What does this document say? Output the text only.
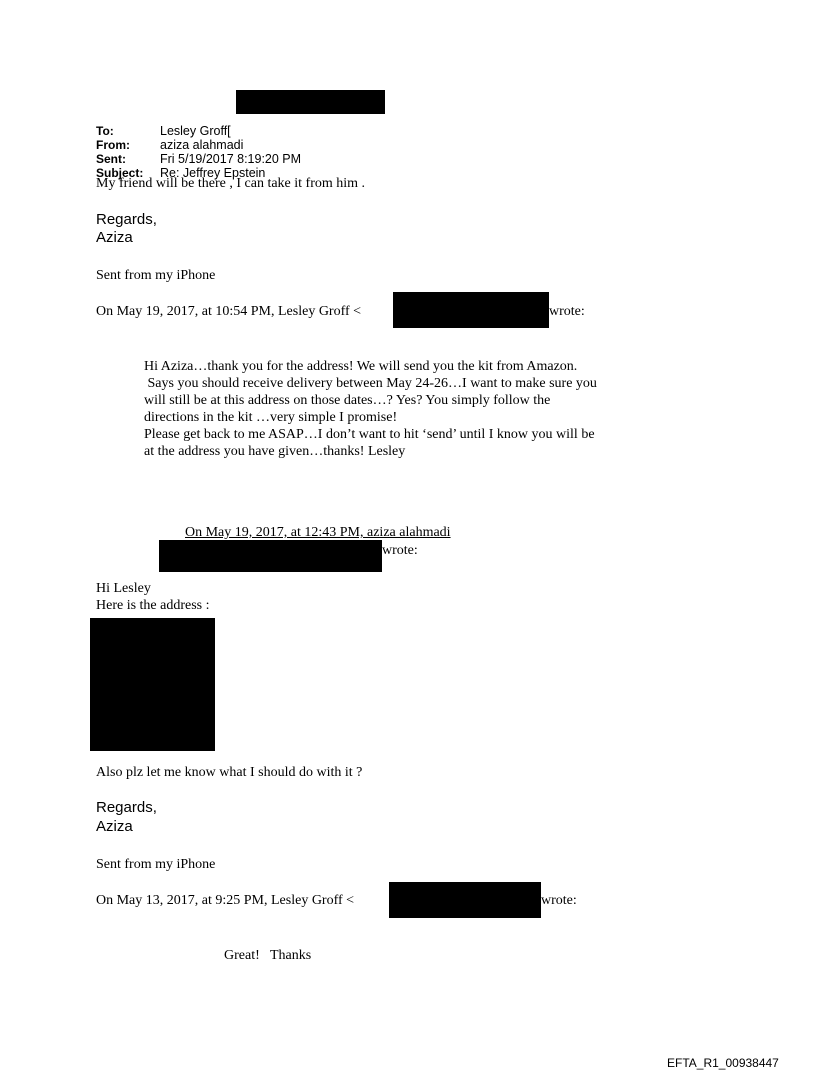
To:	Lesley Groff[
From: aziza alahmadi
Sent:	Fri 5/19/2017 8:19:20 PM
Subject: Re: Jeffrey Epstein
My friend will be there , I can take it from him .
Regards,
Aziza
Sent from my iPhone
On May 19, 2017, at 10:54 PM, Lesley Groff <	wrote:
Hi Aziza…thank you for the address! We will send you the kit from Amazon.
Says you should receive delivery between May 24-26…I want to make sure you
will still be at this address on those dates…? Yes? You simply follow the
directions in the kit …very simple I promise!
Please get back to me ASAP…I don’t want to hit ‘send’ until I know you will be
at the address you have given…thanks! Lesley
On May 19, 2017, at 12:43 PM, aziza alahmadi
wrote:
Hi Lesley
Here is the address :
Also plz let me know what I should do with it ?
Regards,
Aziza
Sent from my iPhone
On May 13, 2017, at 9:25 PM, Lesley Groff <	wrote:
Great!   Thanks
EFTA_R1_00938447
